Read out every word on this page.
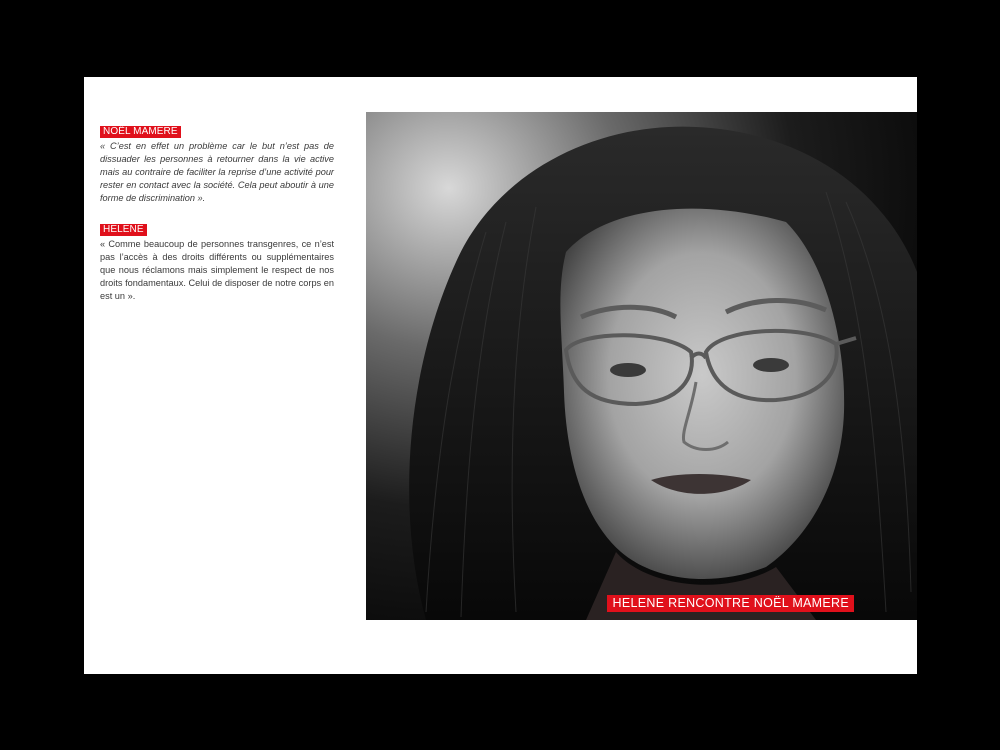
NOËL MAMERE

« C’est en effet un problème car le but n’est pas de dissuader les personnes à retourner dans la vie active mais au contraire de faciliter la reprise d’une activité pour rester en contact avec la société. Cela peut aboutir à une forme de discrimination ».

HELENE

« Comme beaucoup de personnes transgenres, ce n’est pas l’accès à des droits différents ou supplémentaires que nous réclamons mais simplement le respect de nos droits fondamentaux. Celui de disposer de notre corps en est un ».

HELENE RENCONTRE NOËL MAMERE
